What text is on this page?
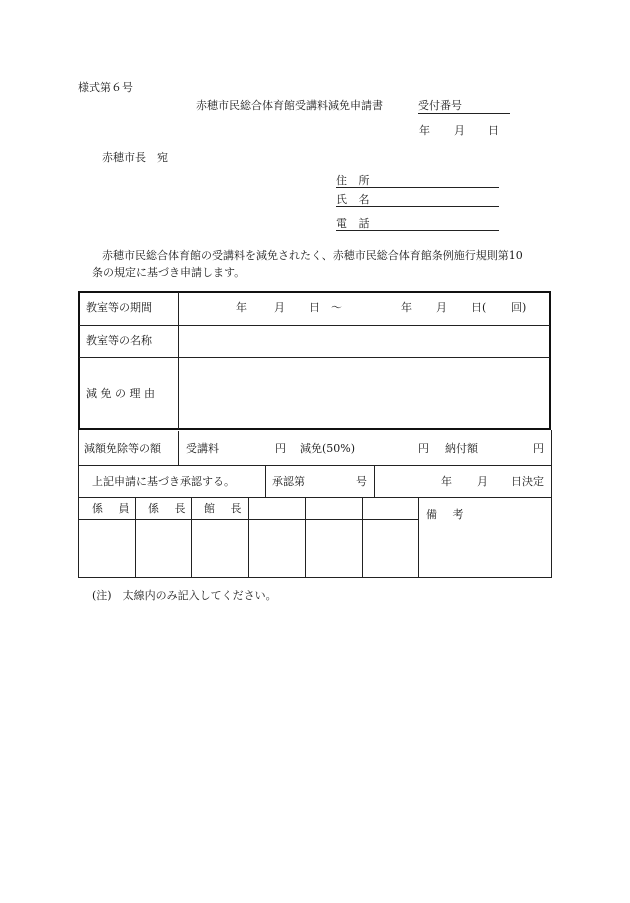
様式第６号
赤穂市民総合体育館受講料減免申請書	受付番号
年 月 日
赤穂市長　宛
住 所
氏 名
電 話
赤穂市民総合体育館の受講料を減免されたく、赤穂市民総合体育館条例施行規則第10
条の規定に基づき申請します。
教室等の期間	年 月 日　～	年 月 日( 回)
教室等の名称
減 免 の 理 由
減額免除等の額 受講料	円 減免(50%)	円 納付額	円
上記申請に基づき承認する。	承認第	号	年 月 日決定
係 員 係 長 館 長	備 考
(注)　太線内のみ記入してください。
